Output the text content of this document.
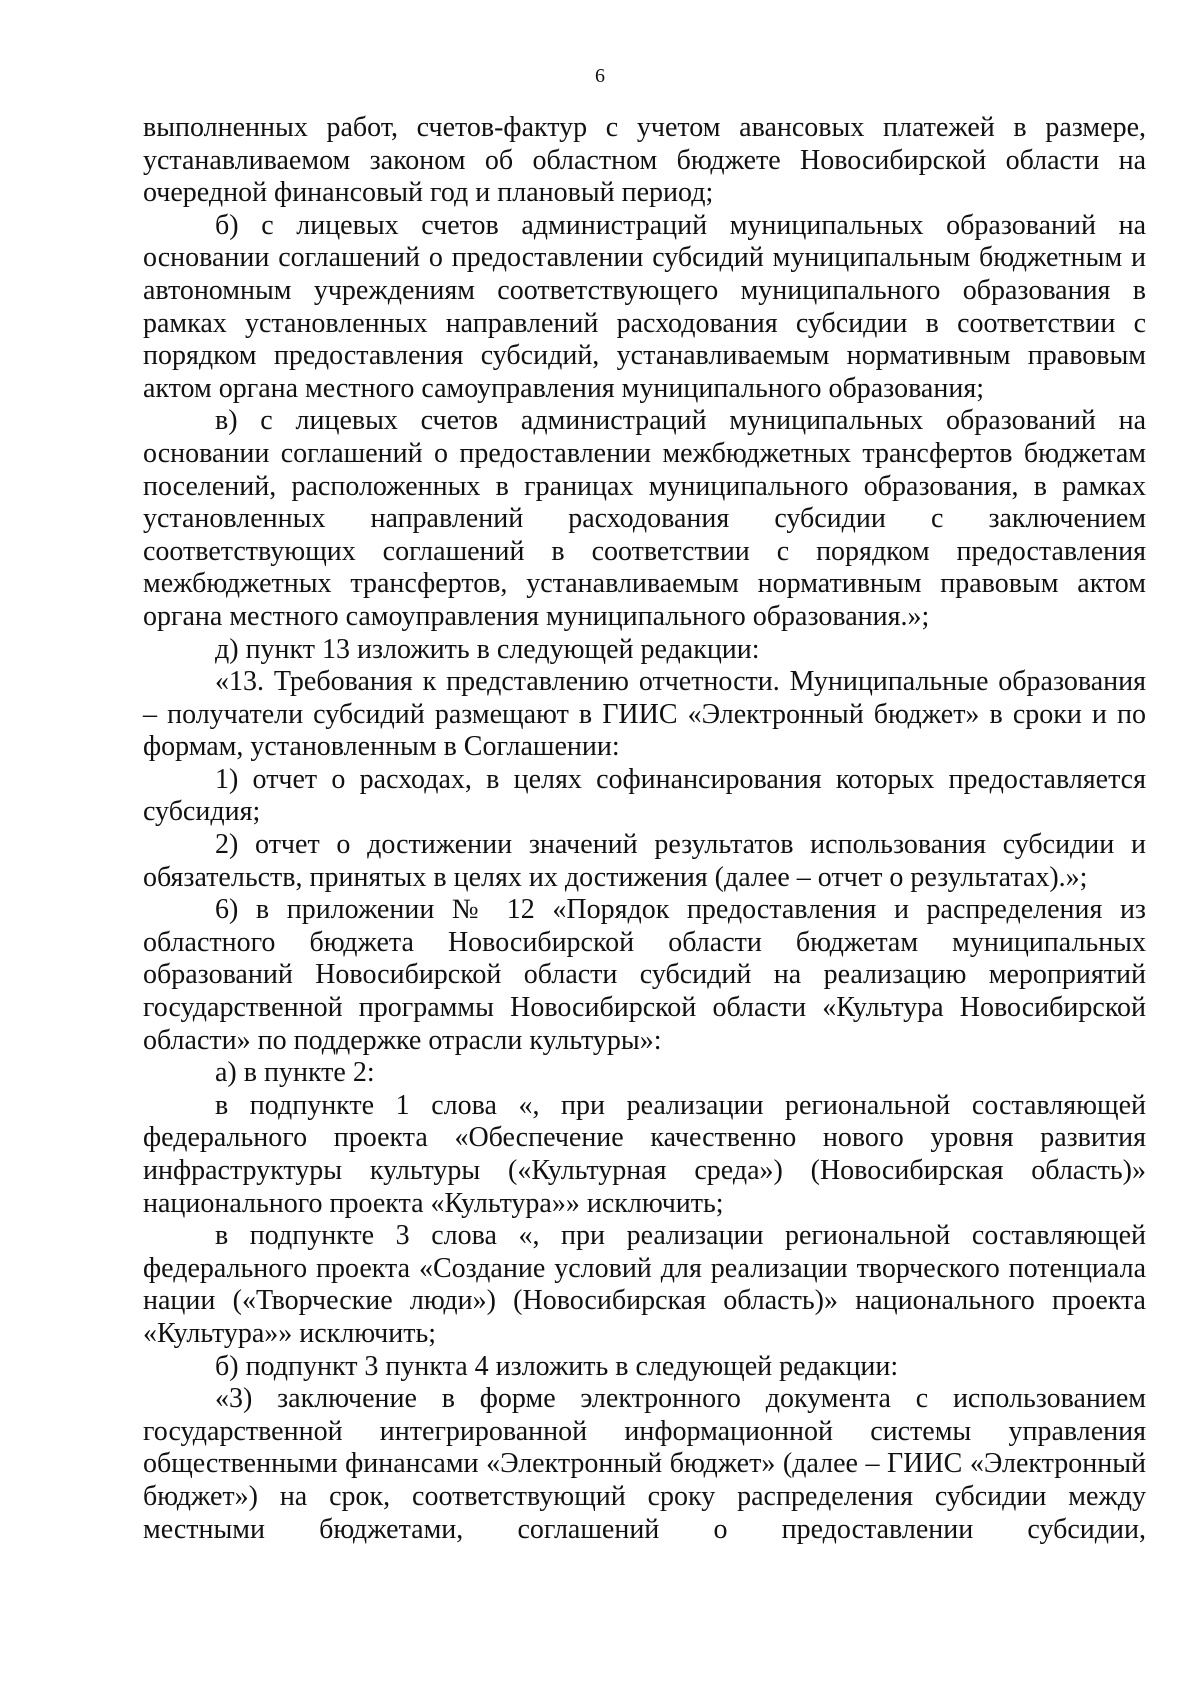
6

выполненных работ, счетов-фактур с учетом авансовых платежей в размере, устанавливаемом законом об областном бюджете Новосибирской области на очередной финансовый год и плановый период;

б) с лицевых счетов администраций муниципальных образований на основании соглашений о предоставлении субсидий муниципальным бюджетным и автономным учреждениям соответствующего муниципального образования в рамках установленных направлений расходования субсидии в соответствии с порядком предоставления субсидий, устанавливаемым нормативным правовым актом органа местного самоуправления муниципального образования;

в) с лицевых счетов администраций муниципальных образований на основании соглашений о предоставлении межбюджетных трансфертов бюджетам поселений, расположенных в границах муниципального образования, в рамках установленных направлений расходования субсидии с заключением соответствующих соглашений в соответствии с порядком предоставления межбюджетных трансфертов, устанавливаемым нормативным правовым актом органа местного самоуправления муниципального образования.»;

д) пункт 13 изложить в следующей редакции:

«13. Требования к представлению отчетности. Муниципальные образования – получатели субсидий размещают в ГИИС «Электронный бюджет» в сроки и по формам, установленным в Соглашении:

1) отчет о расходах, в целях софинансирования которых предоставляется субсидия;

2) отчет о достижении значений результатов использования субсидии и обязательств, принятых в целях их достижения (далее – отчет о результатах).»;

6) в приложении № 12 «Порядок предоставления и распределения из областного бюджета Новосибирской области бюджетам муниципальных образований Новосибирской области субсидий на реализацию мероприятий государственной программы Новосибирской области «Культура Новосибирской области» по поддержке отрасли культуры»:

а) в пункте 2:

в подпункте 1 слова «, при реализации региональной составляющей федерального проекта «Обеспечение качественно нового уровня развития инфраструктуры культуры («Культурная среда») (Новосибирская область)» национального проекта «Культура»» исключить;

в подпункте 3 слова «, при реализации региональной составляющей федерального проекта «Создание условий для реализации творческого потенциала нации («Творческие люди») (Новосибирская область)» национального проекта «Культура»» исключить;

б) подпункт 3 пункта 4 изложить в следующей редакции:

«3) заключение в форме электронного документа с использованием государственной интегрированной информационной системы управления общественными финансами «Электронный бюджет» (далее – ГИИС «Электронный бюджет») на срок, соответствующий сроку распределения субсидии между местными бюджетами, соглашений о предоставлении субсидии,
